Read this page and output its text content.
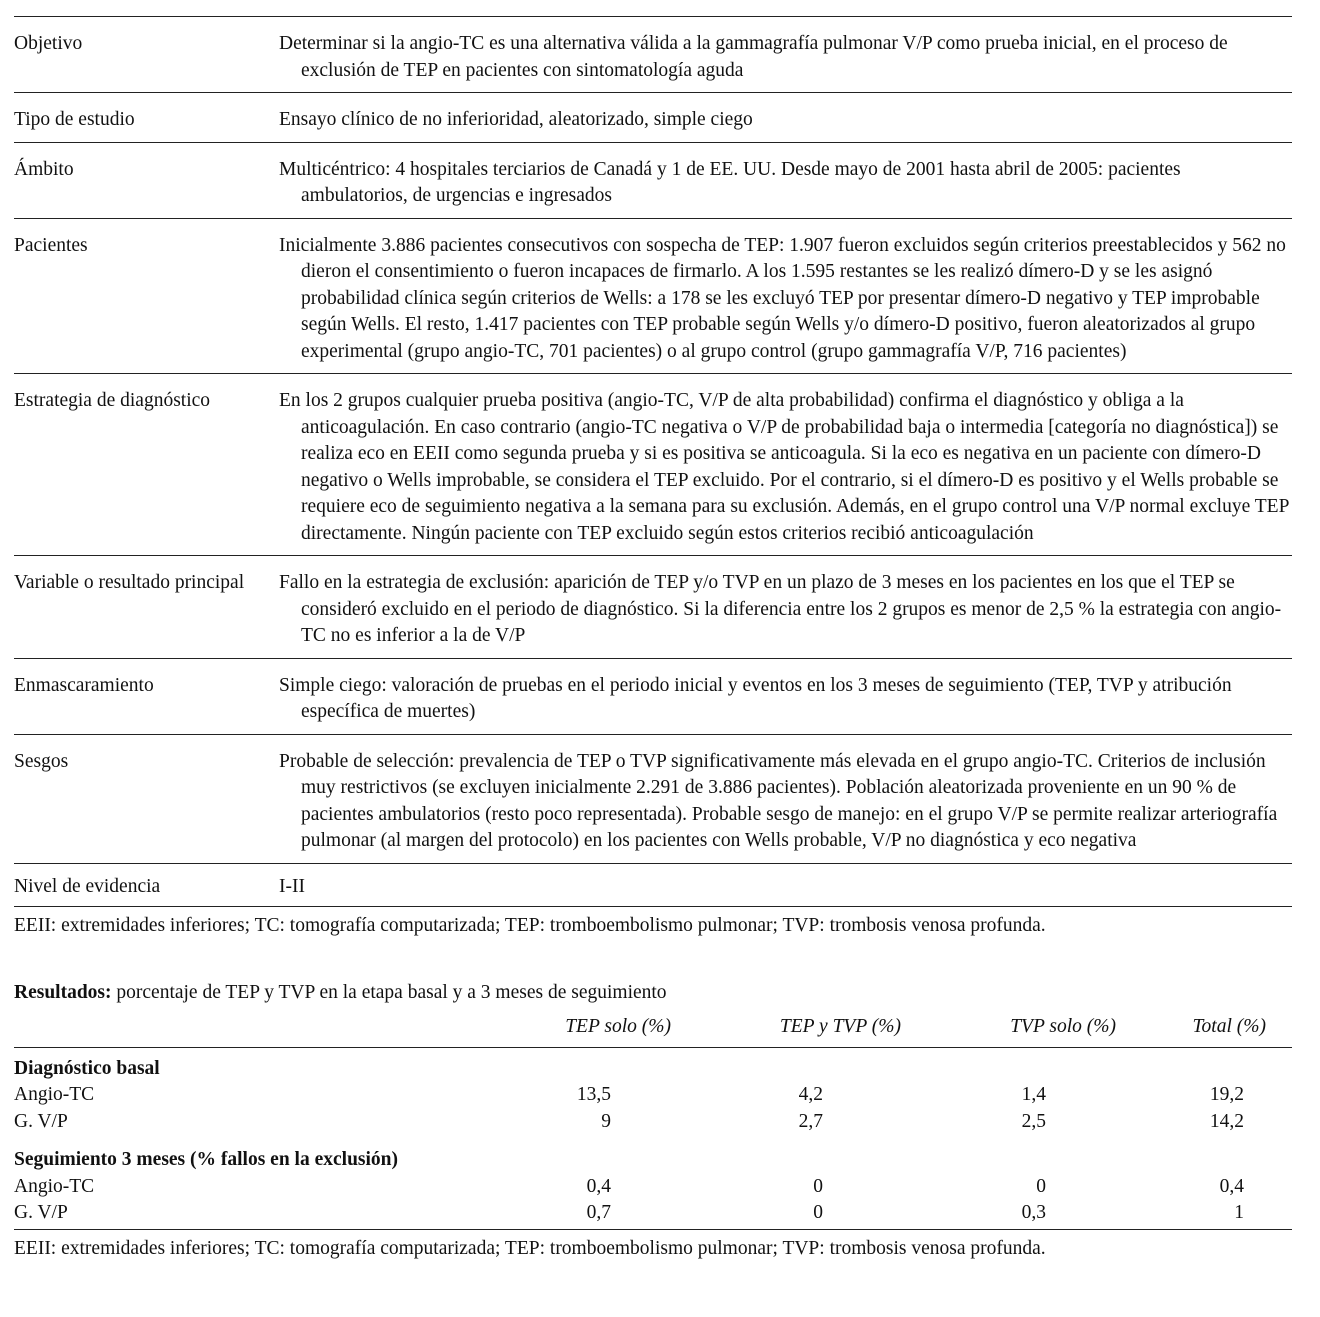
Objetivo	Determinar si la angio-TC es una alternativa válida a la gammagrafía pulmonar V/P como prueba inicial, en el proceso de exclusión de TEP en pacientes con sintomatología aguda
Tipo de estudio	Ensayo clínico de no inferioridad, aleatorizado, simple ciego
Ámbito	Multicéntrico: 4 hospitales terciarios de Canadá y 1 de EE. UU. Desde mayo de 2001 hasta abril de 2005: pacientes ambulatorios, de urgencias e ingresados
Pacientes	Inicialmente 3.886 pacientes consecutivos con sospecha de TEP: 1.907 fueron excluidos según criterios preestablecidos y 562 no dieron el consentimiento o fueron incapaces de firmarlo. A los 1.595 restantes se les realizó dímero-D y se les asignó probabilidad clínica según criterios de Wells: a 178 se les excluyó TEP por presentar dímero-D negativo y TEP improbable según Wells. El resto, 1.417 pacientes con TEP probable según Wells y/o dímero-D positivo, fueron aleatorizados al grupo experimental (grupo angio-TC, 701 pacientes) o al grupo control (grupo gammagrafía V/P, 716 pacientes)
Estrategia de diagnóstico	En los 2 grupos cualquier prueba positiva (angio-TC, V/P de alta probabilidad) confirma el diagnóstico y obliga a la anticoagulación. En caso contrario (angio-TC negativa o V/P de probabilidad baja o intermedia [categoría no diagnóstica]) se realiza eco en EEII como segunda prueba y si es positiva se anticoagula. Si la eco es negativa en un paciente con dímero-D negativo o Wells improbable, se considera el TEP excluido. Por el contrario, si el dímero-D es positivo y el Wells probable se requiere eco de seguimiento negativa a la semana para su exclusión. Además, en el grupo control una V/P normal excluye TEP directamente. Ningún paciente con TEP excluido según estos criterios recibió anticoagulación
Variable o resultado principal	Fallo en la estrategia de exclusión: aparición de TEP y/o TVP en un plazo de 3 meses en los pacientes en los que el TEP se consideró excluido en el periodo de diagnóstico. Si la diferencia entre los 2 grupos es menor de 2,5 % la estrategia con angio-TC no es inferior a la de V/P
Enmascaramiento	Simple ciego: valoración de pruebas en el periodo inicial y eventos en los 3 meses de seguimiento (TEP, TVP y atribución específica de muertes)
Sesgos	Probable de selección: prevalencia de TEP o TVP significativamente más elevada en el grupo angio-TC. Criterios de inclusión muy restrictivos (se excluyen inicialmente 2.291 de 3.886 pacientes). Población aleatorizada proveniente en un 90 % de pacientes ambulatorios (resto poco representada). Probable sesgo de manejo: en el grupo V/P se permite realizar arteriografía pulmonar (al margen del protocolo) en los pacientes con Wells probable, V/P no diagnóstica y eco negativa
Nivel de evidencia	I-II
EEII: extremidades inferiores; TC: tomografía computarizada; TEP: tromboembolismo pulmonar; TVP: trombosis venosa profunda.
Resultados: porcentaje de TEP y TVP en la etapa basal y a 3 meses de seguimiento
TEP solo (%)	TEP y TVP (%)	TVP solo (%)	Total (%)
Diagnóstico basal
Angio-TC	13,5	4,2	1,4	19,2
G. V/P	9	2,7	2,5	14,2
Seguimiento 3 meses (% fallos en la exclusión)
Angio-TC	0,4	0	0	0,4
G. V/P	0,7	0	0,3	1
EEII: extremidades inferiores; TC: tomografía computarizada; TEP: tromboembolismo pulmonar; TVP: trombosis venosa profunda.
